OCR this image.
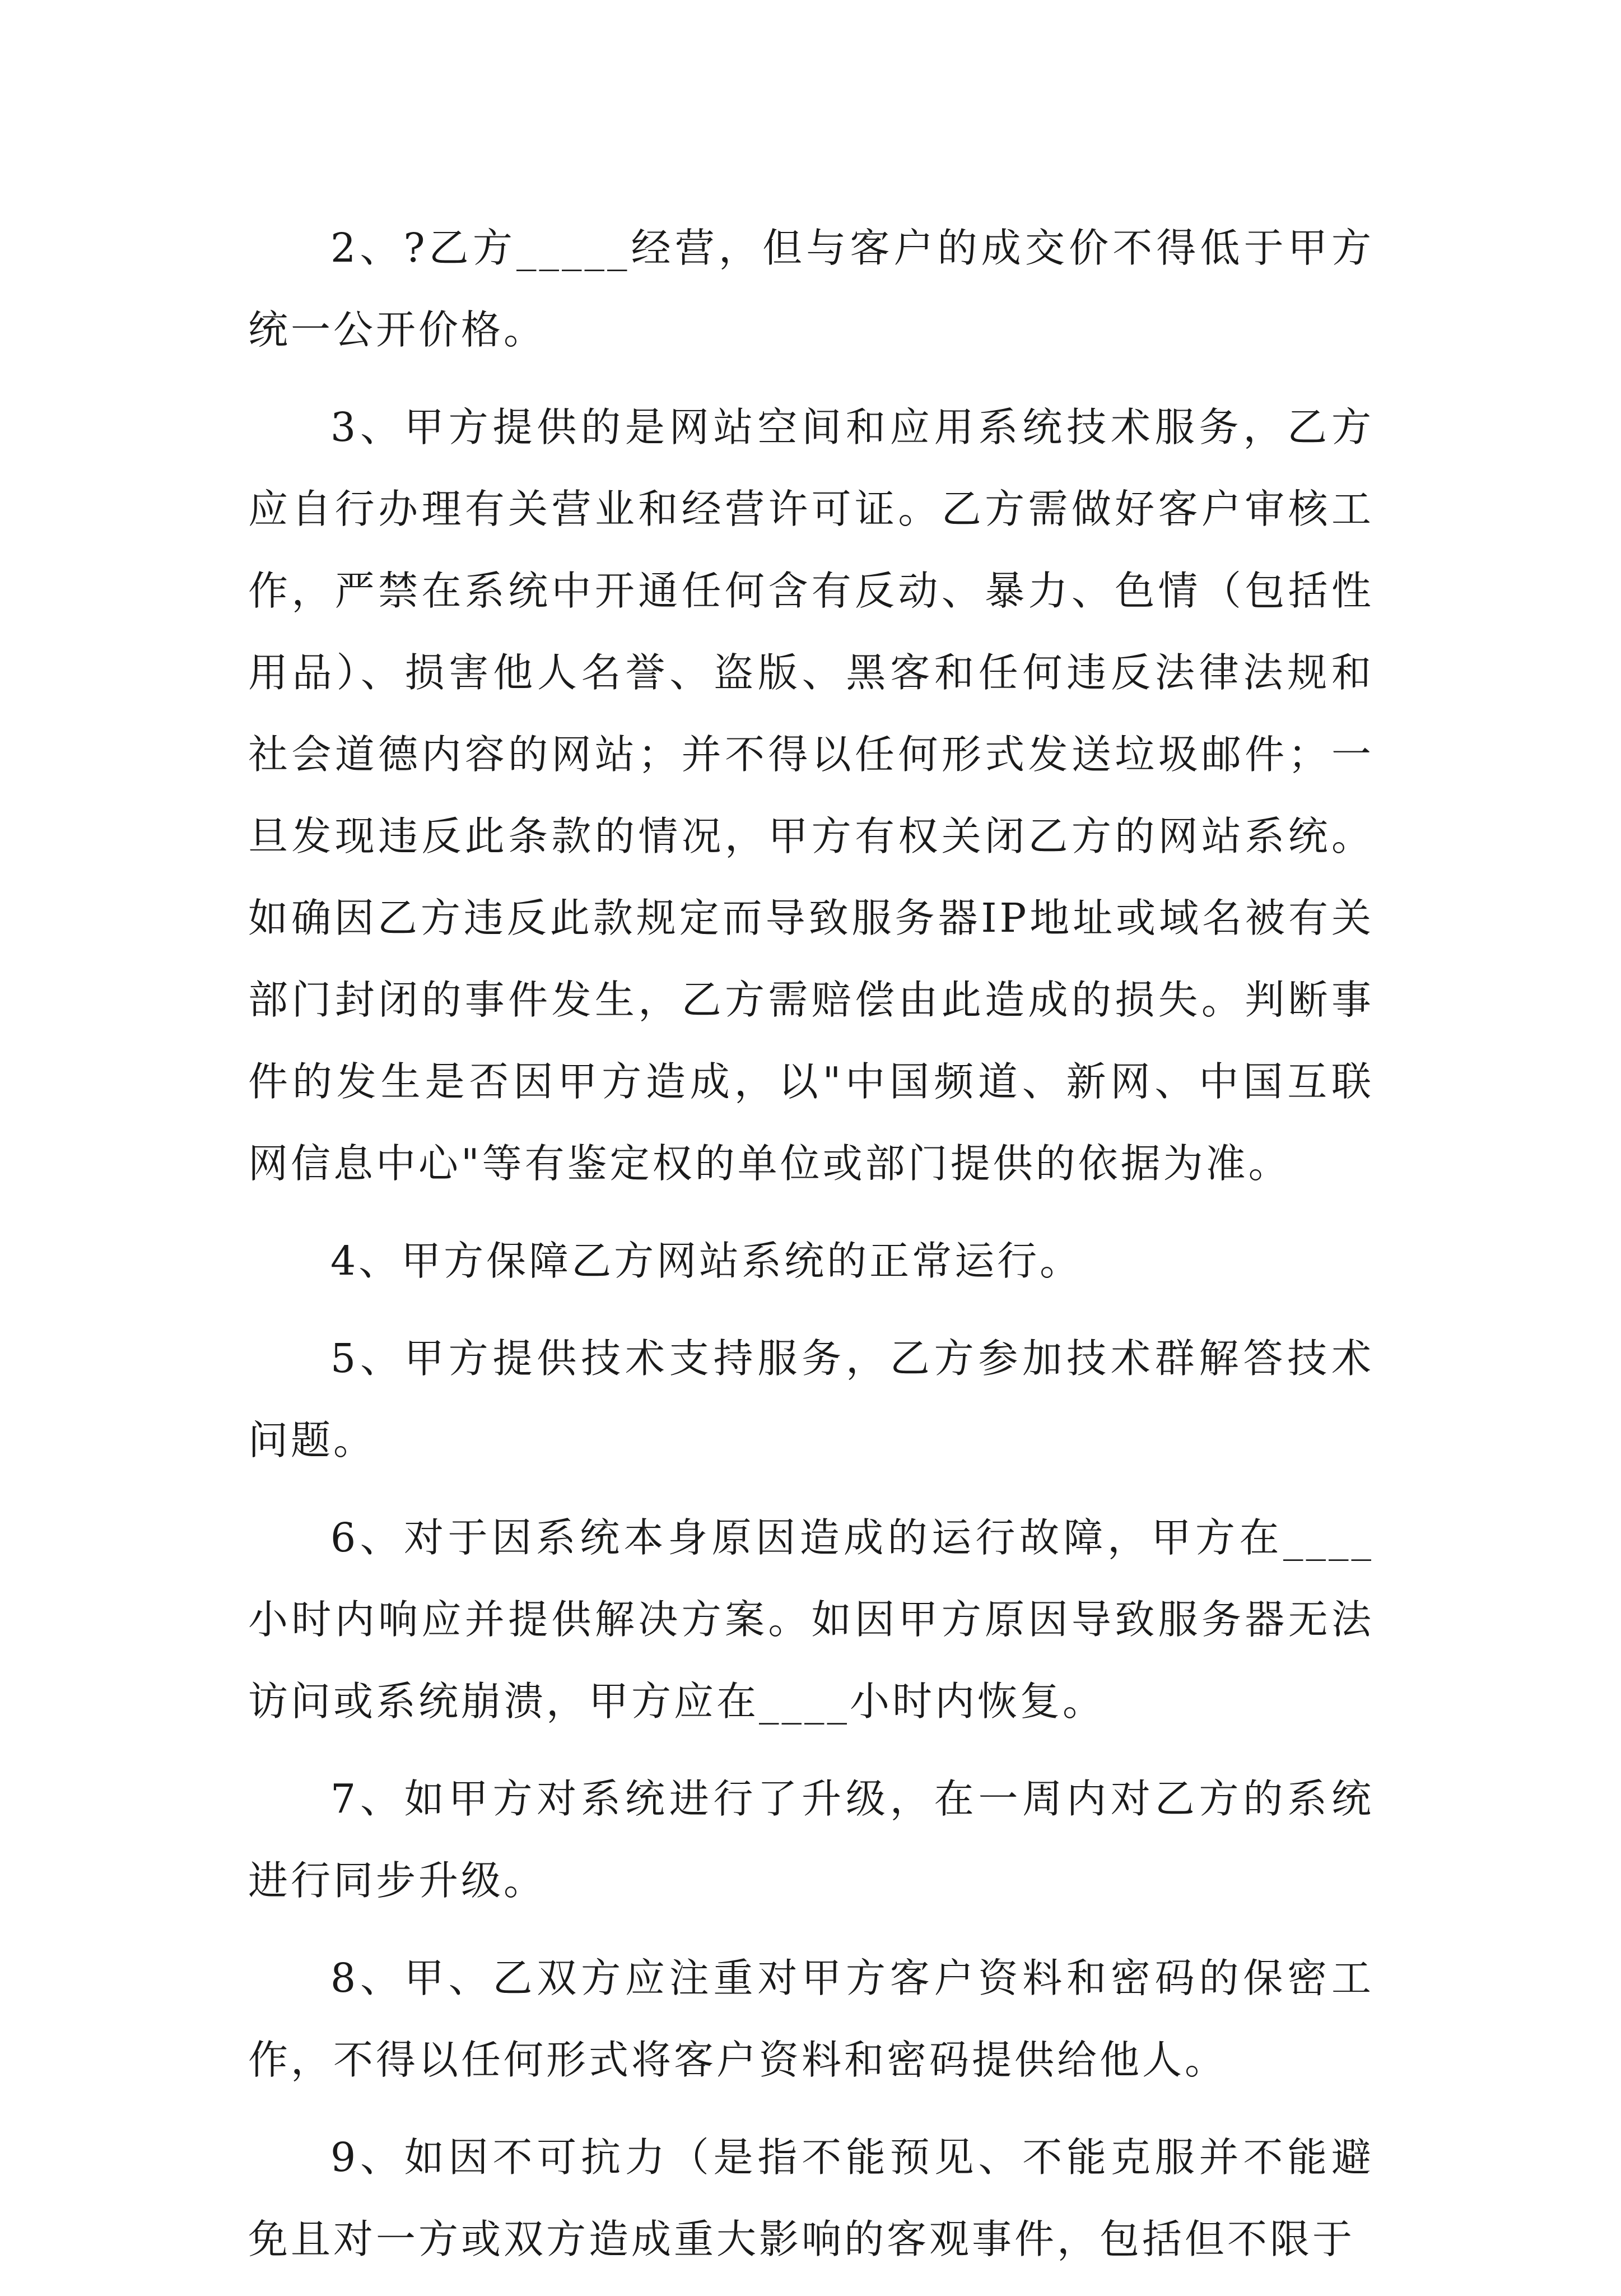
2、?乙方_____经营，但与客户的成交价不得低于甲方统一公开价格。

3、甲方提供的是网站空间和应用系统技术服务，乙方应自行办理有关营业和经营许可证。乙方需做好客户审核工作，严禁在系统中开通任何含有反动、暴力、色情（包括性用品）、损害他人名誉、盗版、黑客和任何违反法律法规和社会道德内容的网站；并不得以任何形式发送垃圾邮件；一旦发现违反此条款的情况，甲方有权关闭乙方的网站系统。如确因乙方违反此款规定而导致服务器IP地址或域名被有关部门封闭的事件发生，乙方需赔偿由此造成的损失。判断事件的发生是否因甲方造成，以"中国频道、新网、中国互联网信息中心"等有鉴定权的单位或部门提供的依据为准。

4、甲方保障乙方网站系统的正常运行。

5、甲方提供技术支持服务，乙方参加技术群解答技术问题。

6、对于因系统本身原因造成的运行故障，甲方在____小时内响应并提供解决方案。如因甲方原因导致服务器无法访问或系统崩溃，甲方应在____小时内恢复。

7、如甲方对系统进行了升级，在一周内对乙方的系统进行同步升级。

8、甲、乙双方应注重对甲方客户资料和密码的保密工作，不得以任何形式将客户资料和密码提供给他人。

9、如因不可抗力（是指不能预见、不能克服并不能避免且对一方或双方造成重大影响的客观事件，包括但不限于
